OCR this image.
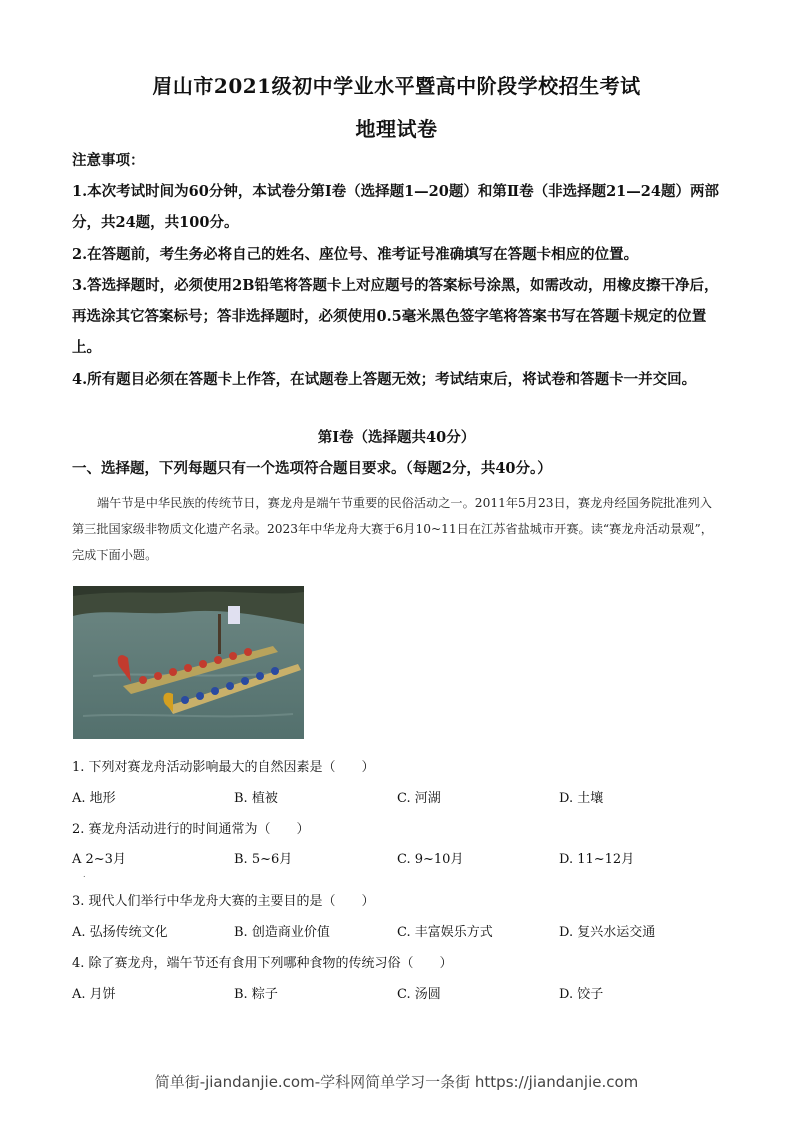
眉山市2021级初中学业水平暨高中阶段学校招生考试
地理试卷
注意事项：
1.本次考试时间为60分钟，本试卷分第Ⅰ卷（选择题1—20题）和第Ⅱ卷（非选择题21—24题）两部分，共24题，共100分。
2.在答题前，考生务必将自己的姓名、座位号、准考证号准确填写在答题卡相应的位置。
3.答选择题时，必须使用2B铅笔将答题卡上对应题号的答案标号涂黑，如需改动，用橡皮擦干净后，再选涂其它答案标号；答非选择题时，必须使用0.5毫米黑色签字笔将答案书写在答题卡规定的位置上。
4.所有题目必须在答题卡上作答，在试题卷上答题无效；考试结束后，将试卷和答题卡一并交回。
第Ⅰ卷（选择题共40分）
一、选择题，下列每题只有一个选项符合题目要求。（每题2分，共40分。）
端午节是中华民族的传统节日，赛龙舟是端午节重要的民俗活动之一。2011年5月23日，赛龙舟经国务院批准列入第三批国家级非物质文化遗产名录。2023年中华龙舟大赛于6月10~11日在江苏省盐城市开赛。读“赛龙舟活动景观”，完成下面小题。
1. 下列对赛龙舟活动影响最大的自然因素是（　　）
A. 地形	B. 植被	C. 河湖	D. 土壤
2. 赛龙舟活动进行的时间通常为（　　）
A 2~3月	B. 5~6月	C. 9~10月	D. 11~12月
.
3. 现代人们举行中华龙舟大赛的主要目的是（　　）
A. 弘扬传统文化	B. 创造商业价值	C. 丰富娱乐方式	D. 复兴水运交通
4. 除了赛龙舟，端午节还有食用下列哪种食物的传统习俗（　　）
A. 月饼	B. 粽子	C. 汤圆	D. 饺子
简单街-jiandanjie.com-学科网简单学习一条街 https://jiandanjie.com
